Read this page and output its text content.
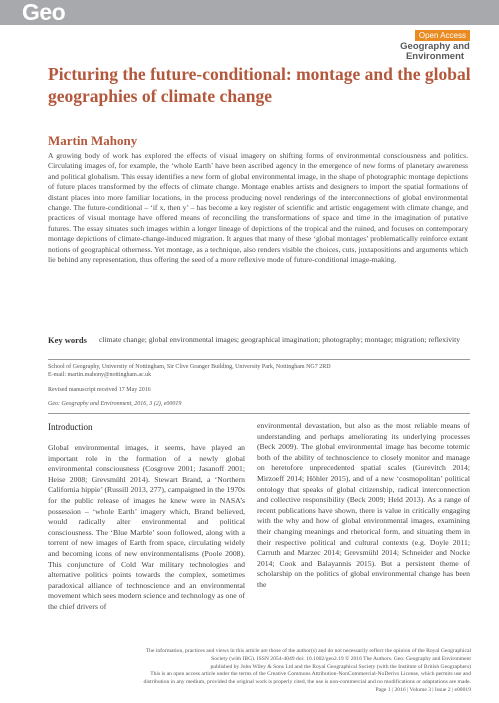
Geo
Open Access
Geography and
Environment
Picturing the future-conditional: montage and the global geographies of climate change
Martin Mahony

A growing body of work has explored the effects of visual imagery on shifting forms of environmental consciousness and politics. Circulating images of, for example, the ‘whole Earth’ have been ascribed agency in the emergence of new forms of planetary awareness and political globalism. This essay identifies a new form of global environmental image, in the shape of photographic montage depictions of future places transformed by the effects of climate change. Montage enables artists and designers to import the spatial formations of distant places into more familiar locations, in the process producing novel renderings of the interconnections of global environmental change. The future-conditional – ‘if x, then y’ – has become a key register of scientific and artistic engagement with climate change, and practices of visual montage have offered means of reconciling the transformations of space and time in the imagination of putative futures. The essay situates such images within a longer lineage of depictions of the tropical and the ruined, and focuses on contemporary montage depictions of climate-change-induced migration. It argues that many of these ‘global montages’ problematically reinforce extant notions of geographical otherness. Yet montage, as a technique, also renders visible the choices, cuts, juxtapositions and arguments which lie behind any representation, thus offering the seed of a more reflexive mode of future-conditional image-making.

Key words climate change; global environmental images; geographical imagination; photography; montage; migration; reflexivity

School of Geography, University of Nottingham, Sir Clive Granger Building, University Park, Nottingham NG7 2RD
E-mail: martin.mahony@nottingham.ac.uk
Revised manuscript received 17 May 2016
Geo: Geography and Environment, 2016, 3 (2), e00019
Introduction

Global environmental images, it seems, have played an important role in the formation of a newly global environmental consciousness (Cosgrove 2001; Jasanoff 2001; Heise 2008; Grevsmühl 2014). Stewart Brand, a ‘Northern California hippie’ (Russill 2013, 277), campaigned in the 1970s for the public release of images he knew were in NASA’s possession – ‘whole Earth’ imagery which, Brand believed, would radically alter environmental and political consciousness. The ‘Blue Marble’ soon followed, along with a torrent of new images of Earth from space, circulating widely and becoming icons of new environmentalisms (Poole 2008). This conjuncture of Cold War military technologies and alternative politics points towards the complex, sometimes paradoxical alliance of technoscience and an environmental movement which sees modern science and technology as one of the chief drivers of

environmental devastation, but also as the most reliable means of understanding and perhaps ameliorating its underlying processes (Beck 2009). The global environmental image has become totemic both of the ability of technoscience to closely monitor and manage on heretofore unprecedented spatial scales (Gurevitch 2014; Mirzoeff 2014; Höhler 2015), and of a new ‘cosmopolitan’ political ontology that speaks of global citizenship, radical interconnection and collective responsibility (Beck 2009; Held 2013). As a range of recent publications have shown, there is value in critically engaging with the why and how of global environmental images, examining their changing meanings and rhetorical form, and situating them in their respective political and cultural contexts (e.g. Doyle 2011; Carruth and Marzec 2014; Grevsmühl 2014; Schneider and Nocke 2014; Cook and Balayannis 2015). But a persistent theme of scholarship on the politics of global environmental change has been the

The information, practices and views in this article are those of the author(s) and do not necessarily reflect the opinion of the Royal Geographical
Society (with IBG). ISSN 2054-4049 doi: 10.1002/geo2.19 © 2016 The Authors. Geo: Geography and Environment
published by John Wiley & Sons Ltd and the Royal Geographical Society (with the Institute of British Geographers)
This is an open access article under the terms of the Creative Commons Attribution-NonCommercial-NoDerivs License, which permits use and
distribution in any medium, provided the original work is properly cited, the use is non-commercial and no modifications or adaptations are made.
Page 1 | 2016 | Volume 3 | Issue 2 | e00019
